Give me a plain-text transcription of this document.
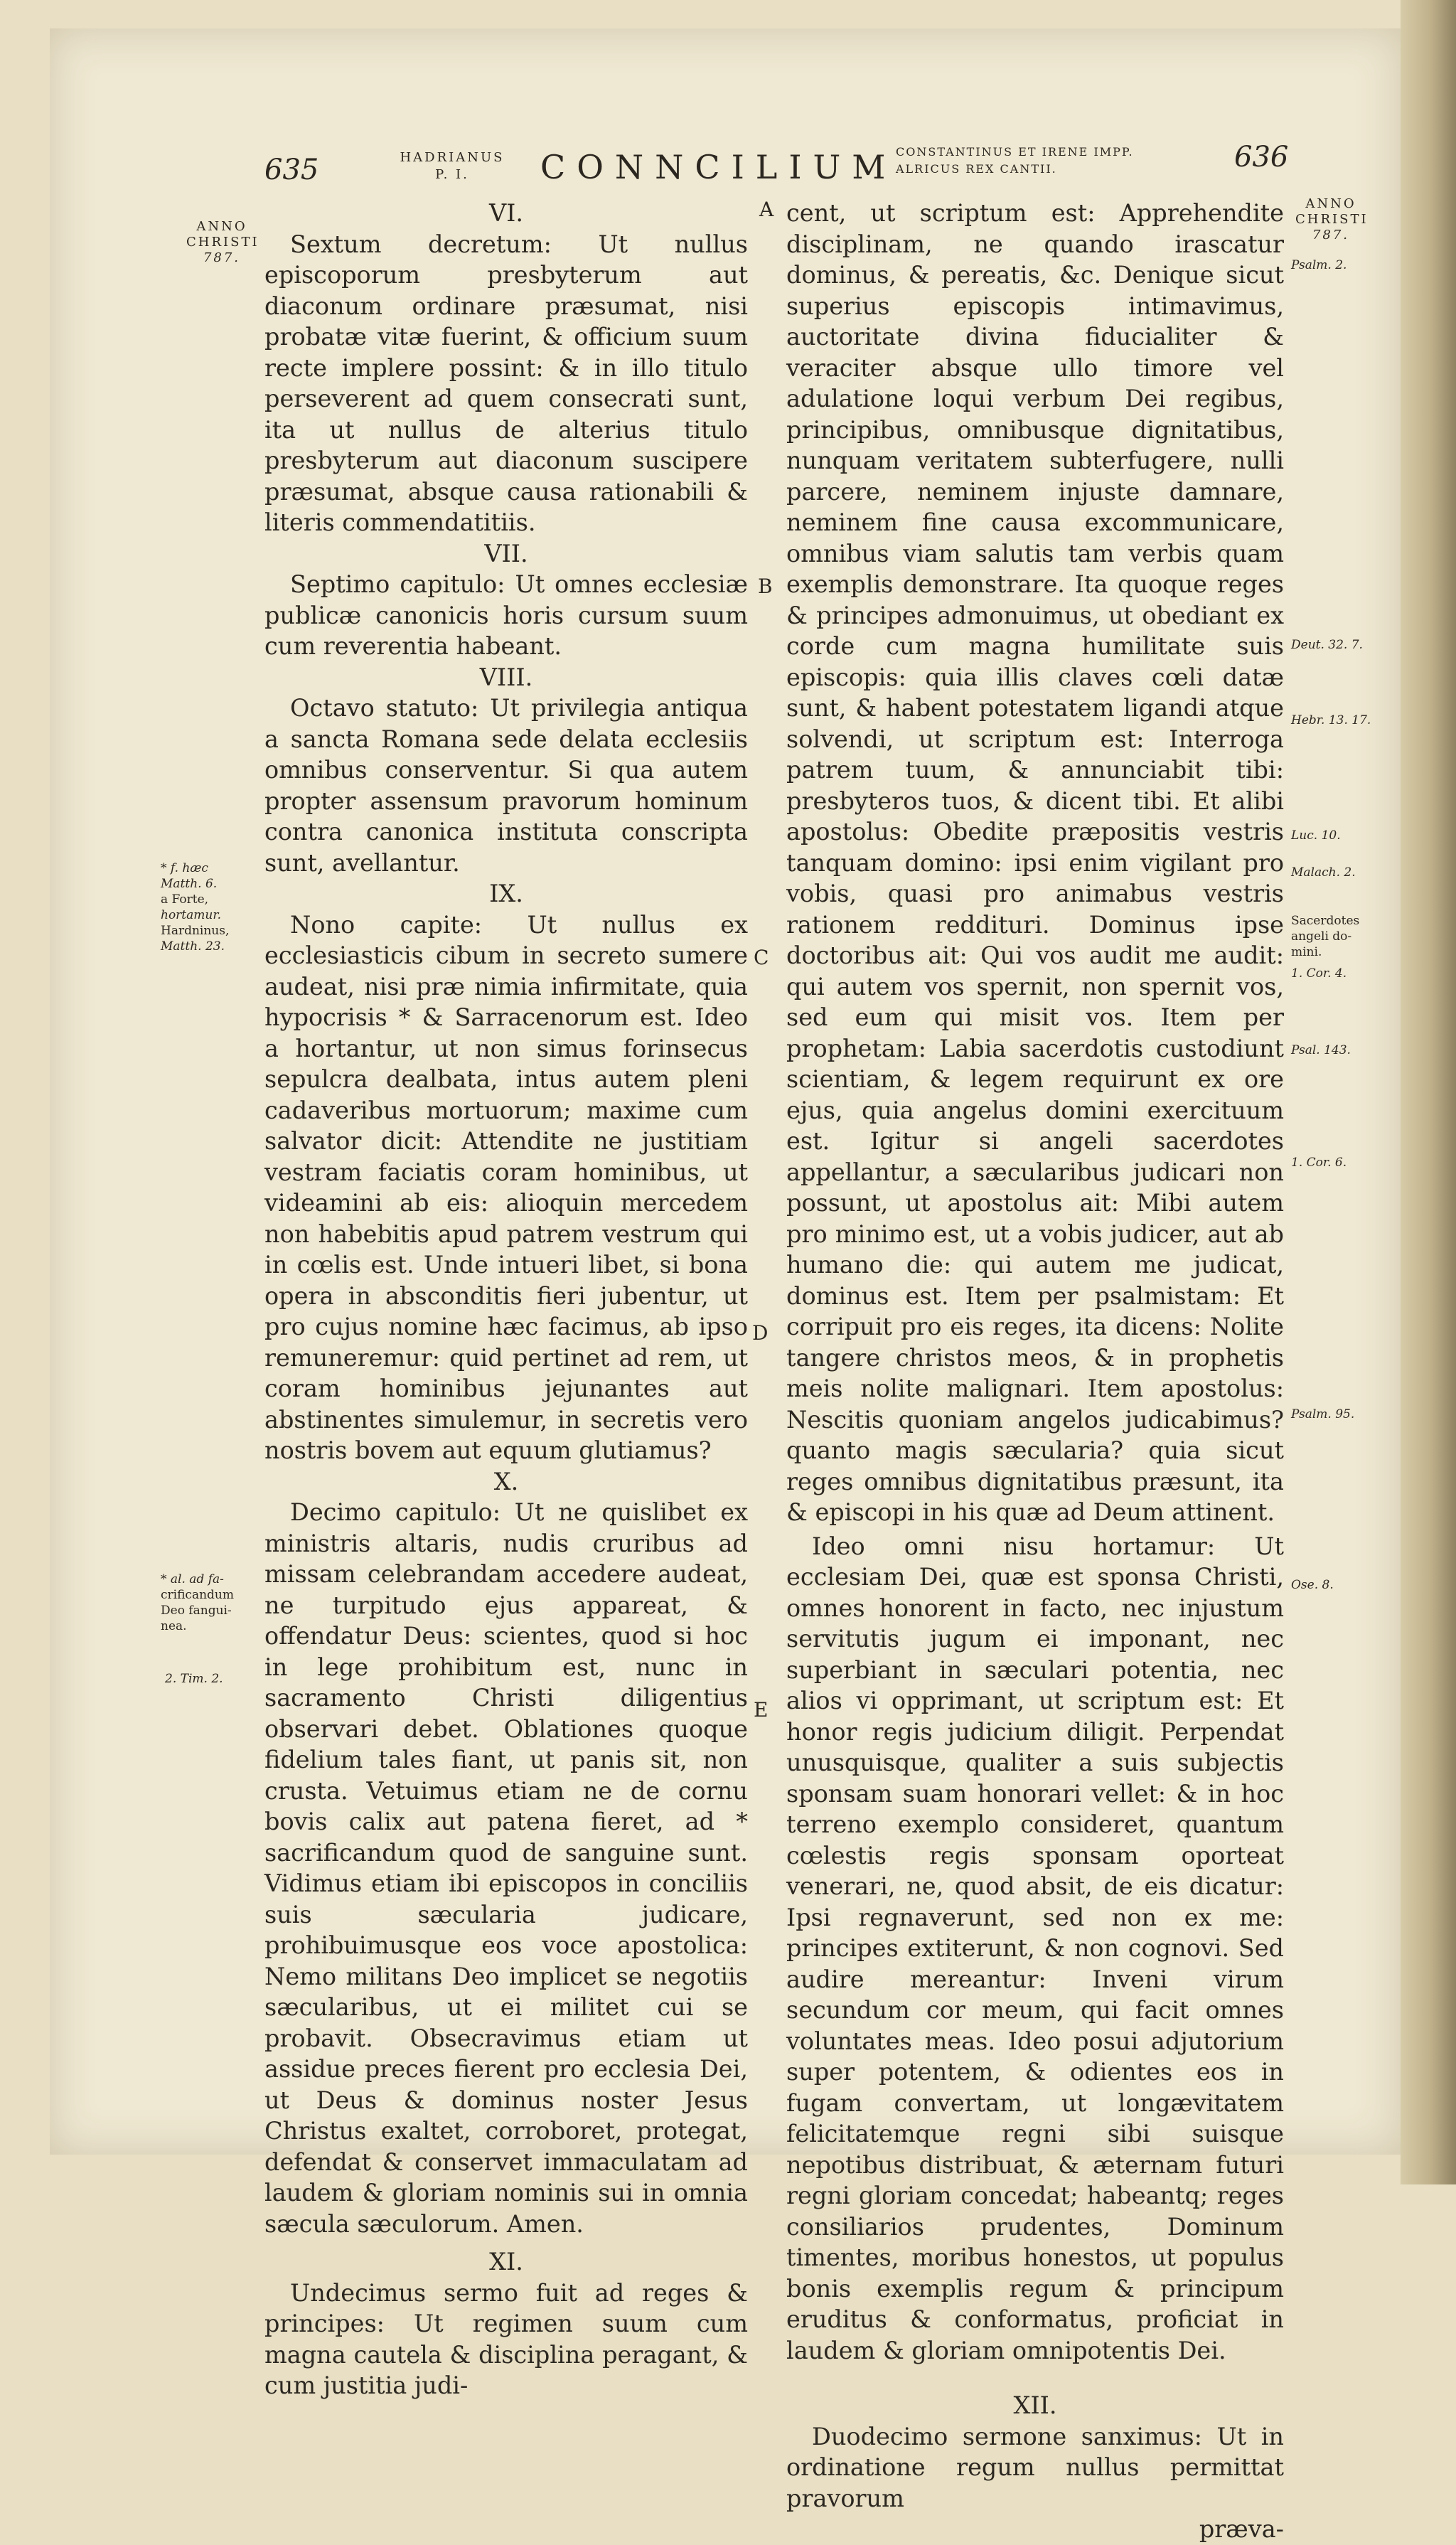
635	HADRIANUS
P. I.	CONNCILIUM
CONSTANTINUS ET IRENE IMPP.
ALRICUS REX CANTII.	636
ANNO
CHRISTI
787.
* f. hæc
Matth. 6.
a Forte,
hortamur.
Hardninus,
Matth. 23.
* al. ad fa-
crificandum
Deo fangui-
nea.
2. Tim. 2.
A
B
C
D
E

VI.

Sextum decretum: Ut nullus episcoporum presbyterum aut diaconum ordinare præsumat, nisi probatæ vitæ fuerint, & officium suum recte implere possint: & in illo titulo perseverent ad quem consecrati sunt, ita ut nullus de alterius titulo presbyterum aut diaconum suscipere præsumat, absque causa rationabili & literis commendatitiis.

VII.

Septimo capitulo: Ut omnes ecclesiæ publicæ canonicis horis cursum suum cum reverentia habeant.

VIII.

Octavo statuto: Ut privilegia antiqua a sancta Romana sede delata ecclesiis omnibus conserventur. Si qua autem propter assensum pravorum hominum contra canonica instituta conscripta sunt, avellantur.

IX.

Nono capite: Ut nullus ex ecclesiasticis cibum in secreto sumere audeat, nisi præ nimia infirmitate, quia hypocrisis * & Sarracenorum est. Ideo a hortantur, ut non simus forinsecus sepulcra dealbata, intus autem pleni cadaveribus mortuorum; maxime cum salvator dicit: Attendite ne justitiam vestram faciatis coram hominibus, ut videamini ab eis: alioquin mercedem non habebitis apud patrem vestrum qui in cœlis est. Unde intueri libet, si bona opera in absconditis fieri jubentur, ut pro cujus nomine hæc facimus, ab ipso remuneremur: quid pertinet ad rem, ut coram hominibus jejunantes aut abstinentes simulemur, in secretis vero nostris bovem aut equum glutiamus?

X.

Decimo capitulo: Ut ne quislibet ex ministris altaris, nudis cruribus ad missam celebrandam accedere audeat, ne turpitudo ejus appareat, & offendatur Deus: scientes, quod si hoc in lege prohibitum est, nunc in sacramento Christi diligentius observari debet. Oblationes quoque fidelium tales fiant, ut panis sit, non crusta. Vetuimus etiam ne de cornu bovis calix aut patena fieret, ad * sacrificandum quod de sanguine sunt. Vidimus etiam ibi episcopos in conciliis suis sæcularia judicare, prohibuimusque eos voce apostolica: Nemo militans Deo implicet se negotiis sæcularibus, ut ei militet cui se probavit. Obsecravimus etiam ut assidue preces fierent pro ecclesia Dei, ut Deus & dominus noster Jesus Christus exaltet, corroboret, protegat, defendat & conservet immaculatam ad laudem & gloriam nominis sui in omnia sæcula sæculorum. Amen.

XI.

Undecimus sermo fuit ad reges & principes: Ut regimen suum cum magna cautela & disciplina peragant, & cum justitia judi-

cent, ut scriptum est: Apprehendite disciplinam, ne quando irascatur dominus, & pereatis, &c. Denique sicut superius episcopis intimavimus, auctoritate divina fiducialiter & veraciter absque ullo timore vel adulatione loqui verbum Dei regibus, principibus, omnibusque dignitatibus, nunquam veritatem subterfugere, nulli parcere, neminem injuste damnare, neminem fine causa excommunicare, omnibus viam salutis tam verbis quam exemplis demonstrare. Ita quoque reges & principes admonuimus, ut obediant ex corde cum magna humilitate suis episcopis: quia illis claves cœli datæ sunt, & habent potestatem ligandi atque solvendi, ut scriptum est: Interroga patrem tuum, & annunciabit tibi: presbyteros tuos, & dicent tibi. Et alibi apostolus: Obedite præpositis vestris tanquam domino: ipsi enim vigilant pro vobis, quasi pro animabus vestris rationem reddituri. Dominus ipse doctoribus ait: Qui vos audit me audit: qui autem vos spernit, non spernit vos, sed eum qui misit vos. Item per prophetam: Labia sacerdotis custodiunt scientiam, & legem requirunt ex ore ejus, quia angelus domini exercituum est. Igitur si angeli sacerdotes appellantur, a sæcularibus judicari non possunt, ut apostolus ait: Mibi autem pro minimo est, ut a vobis judicer, aut ab humano die: qui autem me judicat, dominus est. Item per psalmistam: Et corripuit pro eis reges, ita dicens: Nolite tangere christos meos, & in prophetis meis nolite malignari. Item apostolus: Nescitis quoniam angelos judicabimus? quanto magis sæcularia? quia sicut reges omnibus dignitatibus præsunt, ita & episcopi in his quæ ad Deum attinent.

Ideo omni nisu hortamur: Ut ecclesiam Dei, quæ est sponsa Christi, omnes honorent in facto, nec injustum servitutis jugum ei imponant, nec superbiant in sæculari potentia, nec alios vi opprimant, ut scriptum est: Et honor regis judicium diligit. Perpendat unusquisque, qualiter a suis subjectis sponsam suam honorari vellet: & in hoc terreno exemplo consideret, quantum cœlestis regis sponsam oporteat venerari, ne, quod absit, de eis dicatur: Ipsi regnaverunt, sed non ex me: principes extiterunt, & non cognovi. Sed audire mereantur: Inveni virum secundum cor meum, qui facit omnes voluntates meas. Ideo posui adjutorium super potentem, & odientes eos in fugam convertam, ut longævitatem felicitatemque regni sibi suisque nepotibus distribuat, & æternam futuri regni gloriam concedat; habeantq; reges consiliarios prudentes, Dominum timentes, moribus honestos, ut populus bonis exemplis regum & principum eruditus & conformatus, proficiat in laudem & gloriam omnipotentis Dei.

XII.

Duodecimo sermone sanximus: Ut in ordinatione regum nullus permittat pravorum

præva-

ANNO
CHRISTI
787.
Psalm. 2.
Deut. 32. 7.
Hebr. 13. 17.
Luc. 10.
Malach. 2.
Sacerdotes
angeli do-
mini.
1. Cor. 4.
Psal. 143.
1. Cor. 6.
Psalm. 95.
Ose. 8.
